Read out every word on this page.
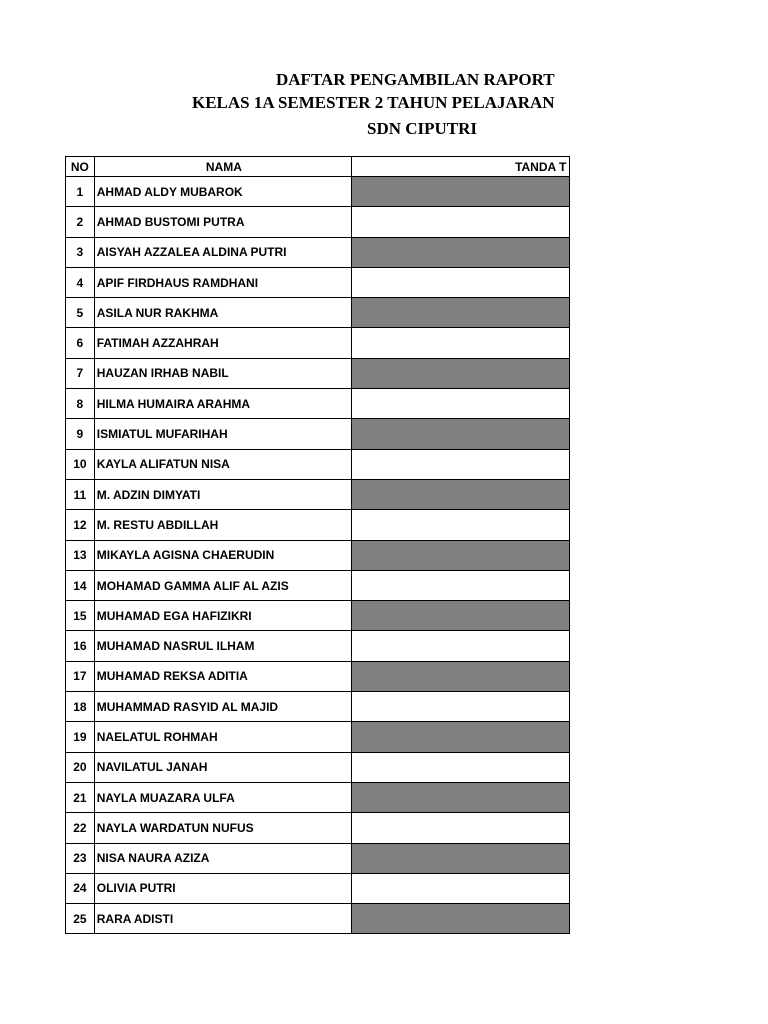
DAFTAR PENGAMBILAN RAPORT
KELAS 1A SEMESTER 2 TAHUN PELAJARAN
SDN CIPUTRI
NO	NAMA	TANDA T
1	AHMAD ALDY MUBAROK	
2	AHMAD BUSTOMI PUTRA	
3	AISYAH AZZALEA ALDINA PUTRI	
4	APIF FIRDHAUS RAMDHANI	
5	ASILA NUR RAKHMA	
6	FATIMAH AZZAHRAH	
7	HAUZAN IRHAB NABIL	
8	HILMA HUMAIRA ARAHMA	
9	ISMIATUL MUFARIHAH	
10	KAYLA ALIFATUN NISA	
11	M. ADZIN DIMYATI	
12	M. RESTU ABDILLAH	
13	MIKAYLA AGISNA CHAERUDIN	
14	MOHAMAD GAMMA ALIF AL AZIS	
15	MUHAMAD EGA HAFIZIKRI	
16	MUHAMAD NASRUL ILHAM	
17	MUHAMAD REKSA ADITIA	
18	MUHAMMAD RASYID AL MAJID	
19	NAELATUL ROHMAH	
20	NAVILATUL JANAH	
21	NAYLA MUAZARA ULFA	
22	NAYLA WARDATUN NUFUS	
23	NISA NAURA AZIZA	
24	OLIVIA PUTRI	
25	RARA ADISTI	
